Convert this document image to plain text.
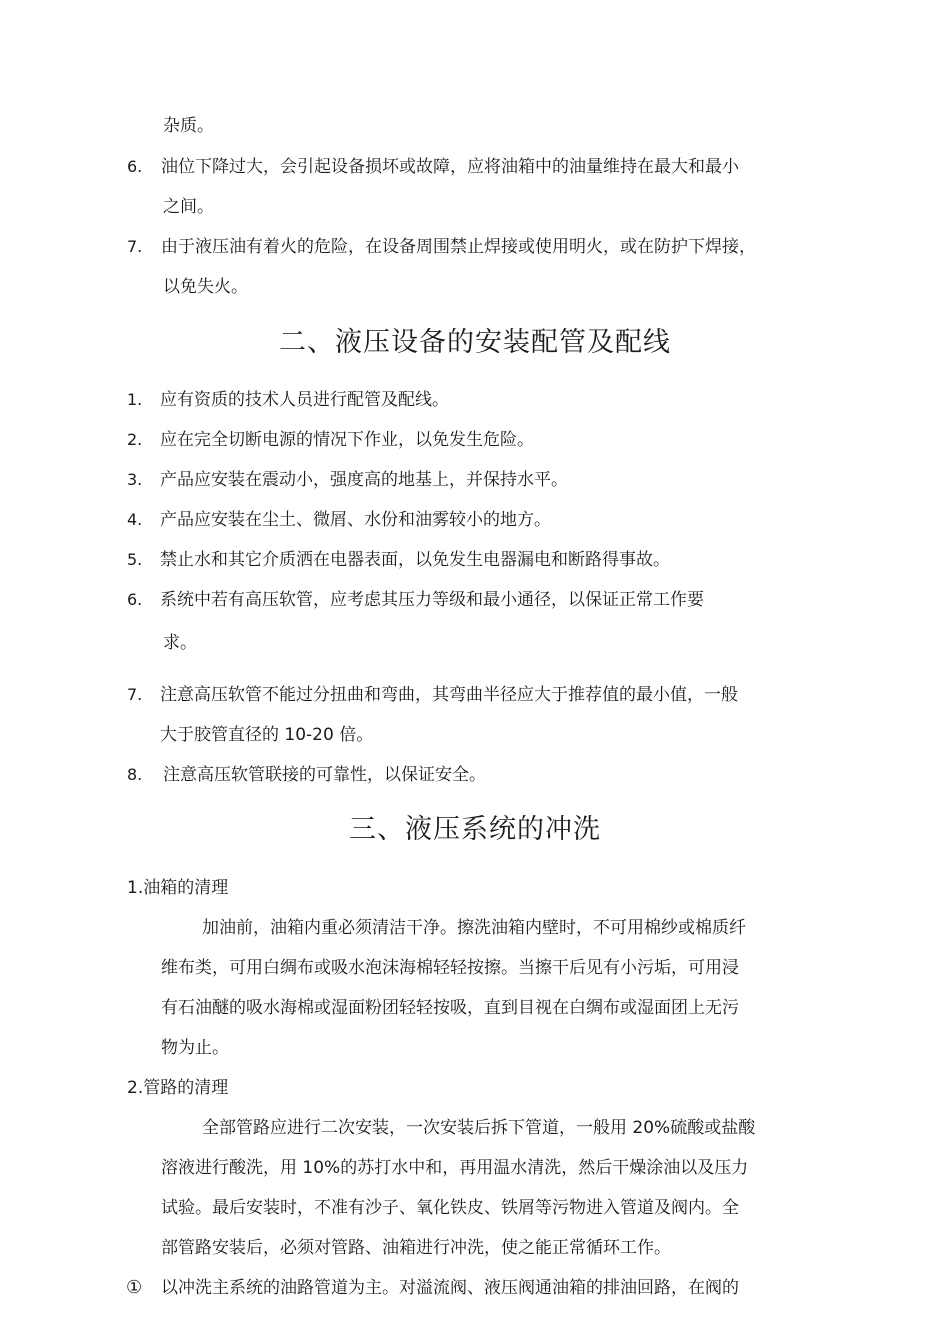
杂质。
6. 油位下降过大，会引起设备损坏或故障，应将油箱中的油量维持在最大和最小
之间。
7. 由于液压油有着火的危险，在设备周围禁止焊接或使用明火，或在防护下焊接，
以免失火。
二、液压设备的安装配管及配线
1. 应有资质的技术人员进行配管及配线。
2. 应在完全切断电源的情况下作业，以免发生危险。
3. 产品应安装在震动小，强度高的地基上，并保持水平。
4. 产品应安装在尘土、微屑、水份和油雾较小的地方。
5. 禁止水和其它介质洒在电器表面，以免发生电器漏电和断路得事故。
6. 系统中若有高压软管，应考虑其压力等级和最小通径，以保证正常工作要
求。
7. 注意高压软管不能过分扭曲和弯曲，其弯曲半径应大于推荐值的最小值，一般
大于胶管直径的 10-20 倍。
8. 注意高压软管联接的可靠性，以保证安全。
三、液压系统的冲洗
1.油箱的清理
加油前，油箱内重必须清洁干净。擦洗油箱内壁时，不可用棉纱或棉质纤
维布类，可用白绸布或吸水泡沫海棉轻轻按擦。当擦干后见有小污垢，可用浸
有石油醚的吸水海棉或湿面粉团轻轻按吸，直到目视在白绸布或湿面团上无污
物为止。
2.管路的清理
全部管路应进行二次安装，一次安装后拆下管道，一般用 20%硫酸或盐酸
溶液进行酸洗，用 10%的苏打水中和，再用温水清洗，然后干燥涂油以及压力
试验。最后安装时，不准有沙子、氧化铁皮、铁屑等污物进入管道及阀内。全
部管路安装后，必须对管路、油箱进行冲洗，使之能正常循环工作。
① 以冲洗主系统的油路管道为主。对溢流阀、液压阀通油箱的排油回路，在阀的
